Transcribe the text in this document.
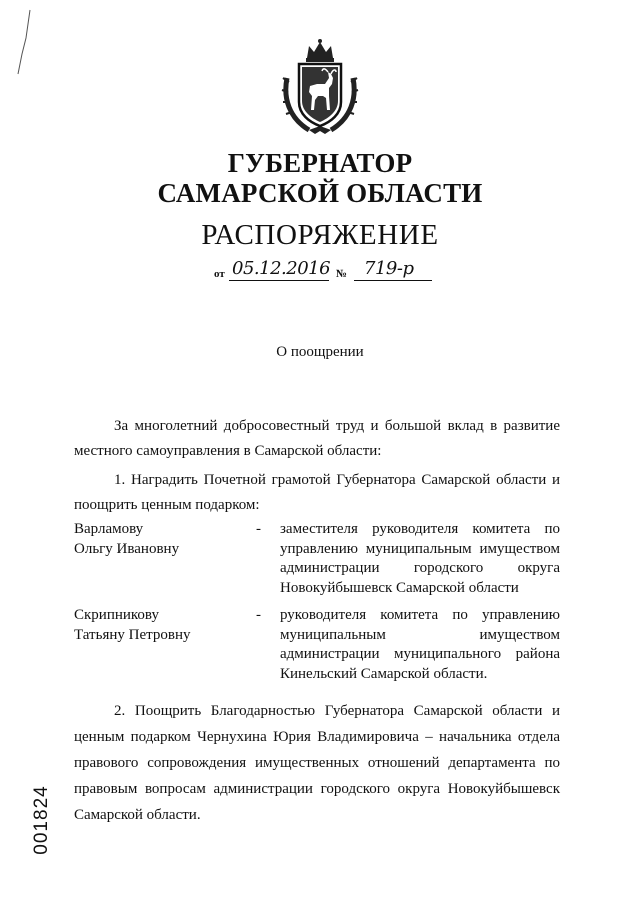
ГУБЕРНАТОР
САМАРСКОЙ ОБЛАСТИ
РАСПОРЯЖЕНИЕ
от 05.12.2016 № 719-р
О поощрении
За многолетний добросовестный труд и большой вклад в развитие местного самоуправления в Самарской области:
1. Наградить Почетной грамотой Губернатора Самарской области и поощрить ценным подарком:
Варламову
Ольгу Ивановну
- заместителя руководителя комитета по управлению муниципальным имуществом администрации городского округа Новокуйбышевск Самарской области
Скрипникову
Татьяну Петровну
- руководителя комитета по управлению муниципальным имуществом администрации муниципального района Кинельский Самарской области.
2. Поощрить Благодарностью Губернатора Самарской области и ценным подарком Чернухина Юрия Владимировича – начальника отдела правового сопровождения имущественных отношений департамента по правовым вопросам администрации городского округа Новокуйбышевск Самарской области.
001824
